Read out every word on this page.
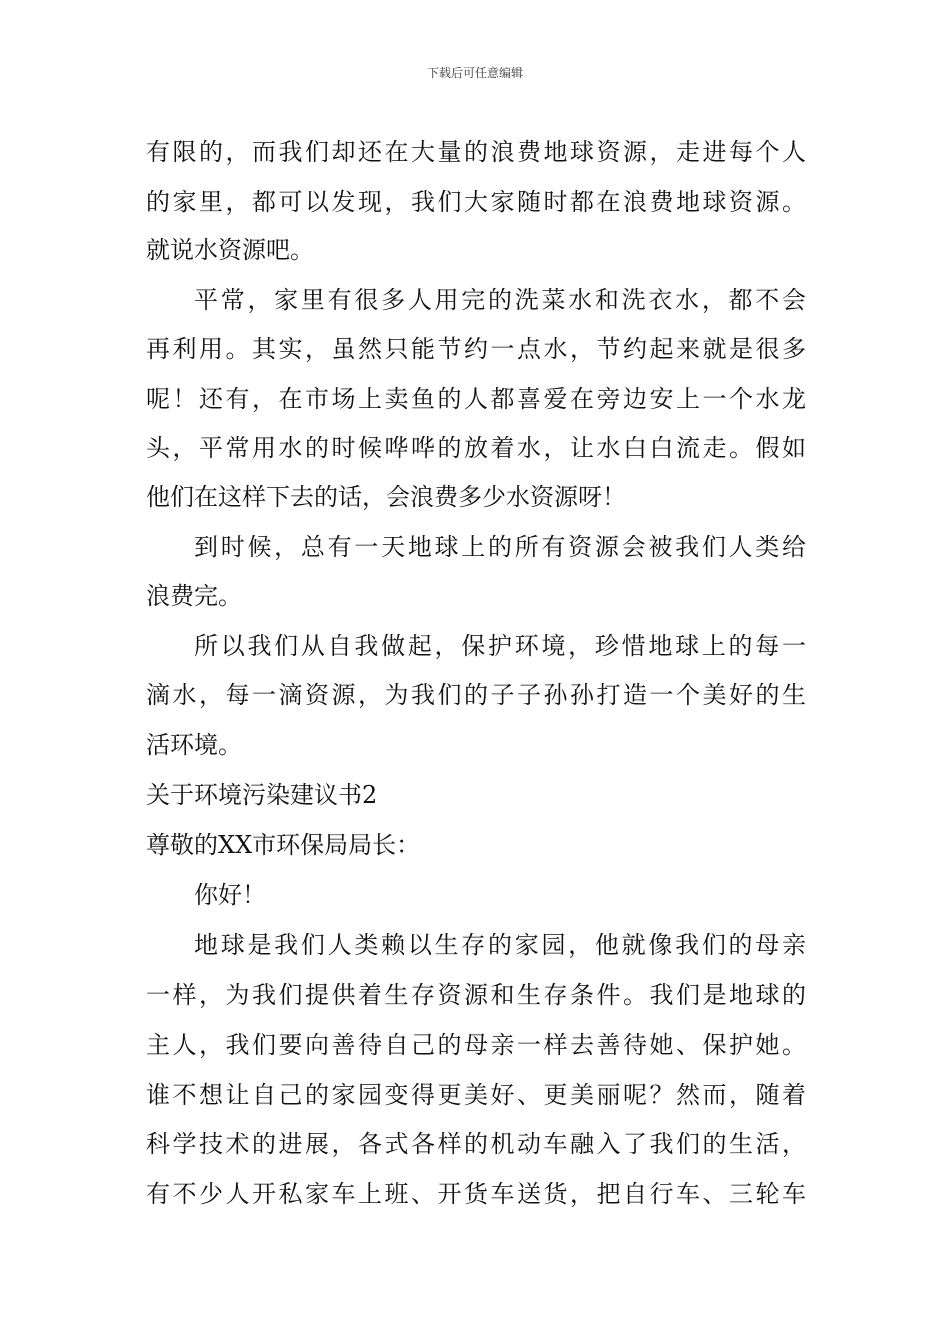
下载后可任意编辑
有限的，而我们却还在大量的浪费地球资源，走进每个人
的家里，都可以发现，我们大家随时都在浪费地球资源。
就说水资源吧。
平常，家里有很多人用完的洗菜水和洗衣水，都不会
再利用。其实，虽然只能节约一点水，节约起来就是很多
呢！还有，在市场上卖鱼的人都喜爱在旁边安上一个水龙
头，平常用水的时候哗哗的放着水，让水白白流走。假如
他们在这样下去的话，会浪费多少水资源呀！
到时候，总有一天地球上的所有资源会被我们人类给
浪费完。
所以我们从自我做起，保护环境，珍惜地球上的每一
滴水，每一滴资源，为我们的子子孙孙打造一个美好的生
活环境。
关于环境污染建议书2
尊敬的XX市环保局局长：
你好！
地球是我们人类赖以生存的家园，他就像我们的母亲
一样，为我们提供着生存资源和生存条件。我们是地球的
主人，我们要向善待自己的母亲一样去善待她、保护她。
谁不想让自己的家园变得更美好、更美丽呢？然而，随着
科学技术的进展，各式各样的机动车融入了我们的生活，
有不少人开私家车上班、开货车送货，把自行车、三轮车
